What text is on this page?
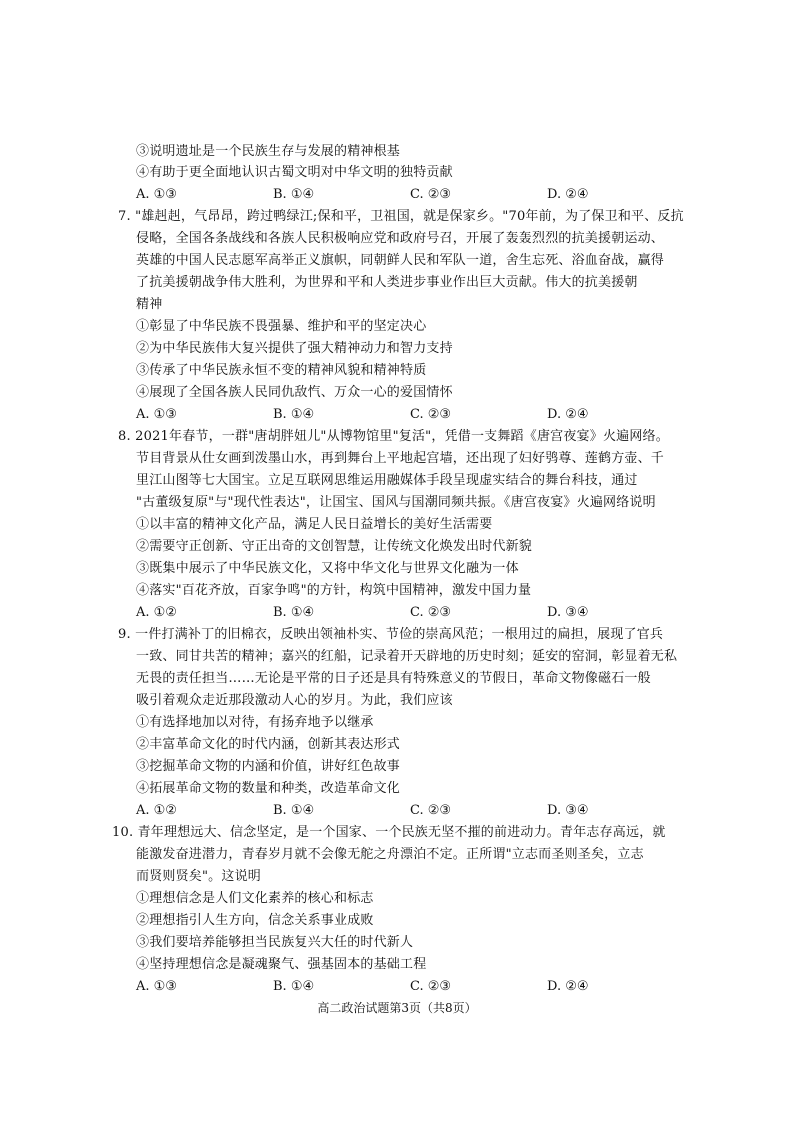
③说明遗址是一个民族生存与发展的精神根基
④有助于更全面地认识古蜀文明对中华文明的独特贡献
A. ①③	B. ①④	C. ②③	D. ②④
7. "雄赳赳，气昂昂，跨过鸭绿江;保和平，卫祖国，就是保家乡。"70年前，为了保卫和平、反抗
侵略，全国各条战线和各族人民积极响应党和政府号召，开展了轰轰烈烈的抗美援朝运动、
英雄的中国人民志愿军高举正义旗帜，同朝鲜人民和军队一道，舍生忘死、浴血奋战，赢得
了抗美援朝战争伟大胜利，为世界和平和人类进步事业作出巨大贡献。伟大的抗美援朝
精神
①彰显了中华民族不畏强暴、维护和平的坚定决心
②为中华民族伟大复兴提供了强大精神动力和智力支持
③传承了中华民族永恒不变的精神风貌和精神特质
④展现了全国各族人民同仇敌忾、万众一心的爱国情怀
A. ①③	B. ①④	C. ②③	D. ②④
8. 2021年春节，一群"唐胡胖妞儿"从博物馆里"复活"，凭借一支舞蹈《唐宫夜宴》火遍网络。
节目背景从仕女画到泼墨山水，再到舞台上平地起宫墙，还出现了妇好鸮尊、莲鹤方壶、千
里江山图等七大国宝。立足互联网思维运用融媒体手段呈现虚实结合的舞台科技，通过
"古董级复原"与"现代性表达"，让国宝、国风与国潮同频共振。《唐宫夜宴》火遍网络说明
①以丰富的精神文化产品，满足人民日益增长的美好生活需要
②需要守正创新、守正出奇的文创智慧，让传统文化焕发出时代新貌
③既集中展示了中华民族文化，又将中华文化与世界文化融为一体
④落实"百花齐放，百家争鸣"的方针，构筑中国精神，激发中国力量
A. ①②	B. ①④	C. ②③	D. ③④
9. 一件打满补丁的旧棉衣，反映出领袖朴实、节俭的崇高风范；一根用过的扁担，展现了官兵
一致、同甘共苦的精神；嘉兴的红船，记录着开天辟地的历史时刻；延安的窑洞，彰显着无私
无畏的责任担当……无论是平常的日子还是具有特殊意义的节假日，革命文物像磁石一般
吸引着观众走近那段激动人心的岁月。为此，我们应该
①有选择地加以对待，有扬弃地予以继承
②丰富革命文化的时代内涵，创新其表达形式
③挖掘革命文物的内涵和价值，讲好红色故事
④拓展革命文物的数量和种类，改造革命文化
A. ①②	B. ①④	C. ②③	D. ③④
10. 青年理想远大、信念坚定，是一个国家、一个民族无坚不摧的前进动力。青年志存高远，就
能激发奋进潜力，青春岁月就不会像无舵之舟漂泊不定。正所谓"立志而圣则圣矣，立志
而贤则贤矣"。这说明
①理想信念是人们文化素养的核心和标志
②理想指引人生方向，信念关系事业成败
③我们要培养能够担当民族复兴大任的时代新人
④坚持理想信念是凝魂聚气、强基固本的基础工程
A. ①③	B. ①④	C. ②③	D. ②④
高二政治试题第3页（共8页）
